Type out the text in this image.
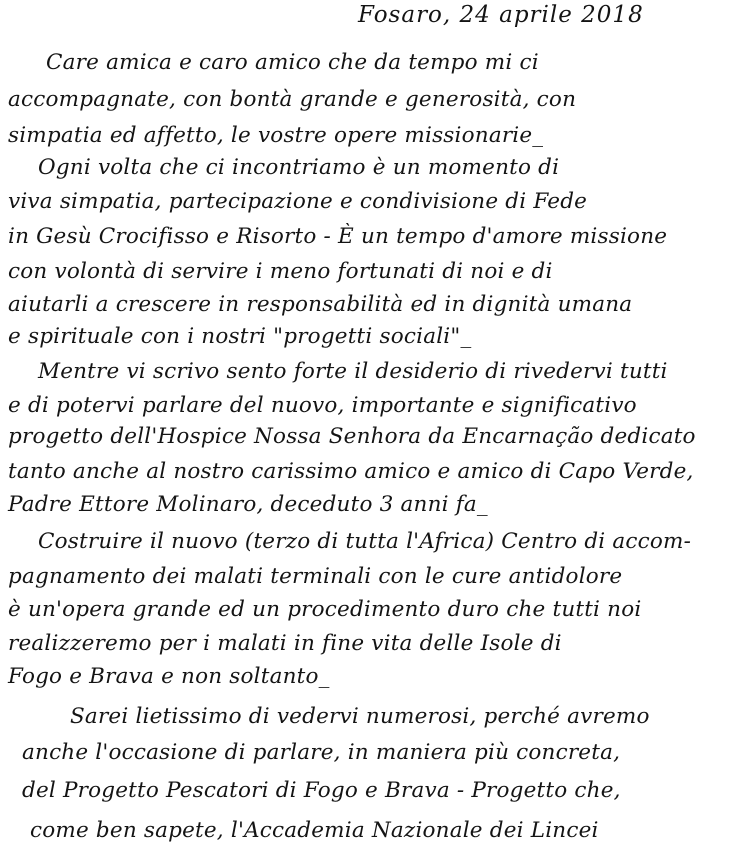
Fosaro, 24 aprile 2018
Care amica e caro amico che da tempo mi ci
accompagnate, con bontà grande e generosità, con
simpatia ed affetto, le vostre opere missionarie_
Ogni volta che ci incontriamo è un momento di
viva simpatia, partecipazione e condivisione di Fede
in Gesù Crocifisso e Risorto - È un tempo d'amore missione
con volontà di servire i meno fortunati di noi e di
aiutarli a crescere in responsabilità ed in dignità umana
e spirituale con i nostri "progetti sociali"_
Mentre vi scrivo sento forte il desiderio di rivedervi tutti
e di potervi parlare del nuovo, importante e significativo
progetto dell'Hospice Nossa Senhora da Encarnação dedicato
tanto anche al nostro carissimo amico e amico di Capo Verde,
Padre Ettore Molinaro, deceduto 3 anni fa_
Costruire il nuovo (terzo di tutta l'Africa) Centro di accom-
pagnamento dei malati terminali con le cure antidolore
è un'opera grande ed un procedimento duro che tutti noi
realizzeremo per i malati in fine vita delle Isole di
Fogo e Brava e non soltanto_
Sarei lietissimo di vedervi numerosi, perché avremo
anche l'occasione di parlare, in maniera più concreta,
del Progetto Pescatori di Fogo e Brava - Progetto che,
come ben sapete, l'Accademia Nazionale dei Lincei
